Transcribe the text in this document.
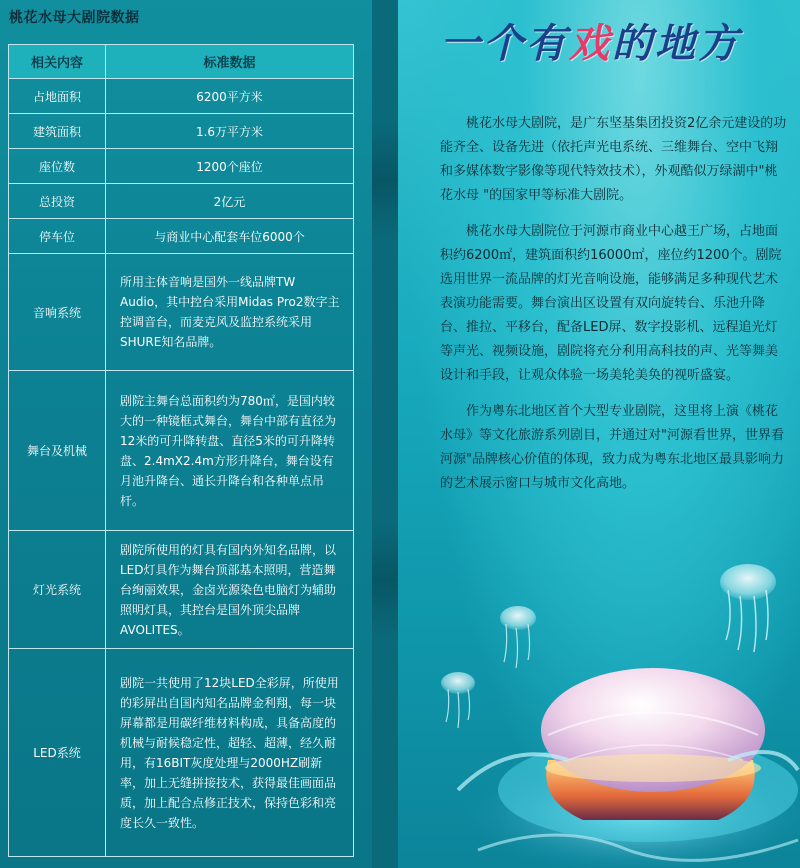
桃花水母大剧院数据
相关内容	标准数据
占地面积	6200平方米
建筑面积	1.6万平方米
座位数	1200个座位
总投资	2亿元
停车位	与商业中心配套车位6000个
音响系统	所用主体音响是国外一线品牌TW Audio，其中控台采用Midas Pro2数字主控调音台，而麦克风及监控系统采用SHURE知名品牌。
舞台及机械	剧院主舞台总面积约为780㎡，是国内较大的一种镜框式舞台，舞台中部有直径为12米的可升降转盘、直径5米的可升降转盘、2.4mX2.4m方形升降台，舞台设有月池升降台、通长升降台和各种单点吊杆。
灯光系统	剧院所使用的灯具有国内外知名品牌，以LED灯具作为舞台顶部基本照明，营造舞台绚丽效果，金卤光源染色电脑灯为辅助照明灯具，其控台是国外顶尖品牌AVOLITES。
LED系统	剧院一共使用了12块LED全彩屏，所使用的彩屏出自国内知名品牌金利翔，每一块屏幕都是用碳纤维材料构成，具备高度的机械与耐候稳定性，超轻、超薄，经久耐用，有16BIT灰度处理与2000HZ刷新率，加上无缝拼接技术，获得最佳画面品质，加上配合点修正技术，保持色彩和亮度长久一致性。
一个有戏的地方

桃花水母大剧院，是广东坚基集团投资2亿余元建设的功能齐全、设备先进（依托声光电系统、三维舞台、空中飞翔和多媒体数字影像等现代特效技术），外观酷似万绿湖中"桃花水母 "的国家甲等标准大剧院。

桃花水母大剧院位于河源市商业中心越王广场，占地面积约6200㎡，建筑面积约16000㎡，座位约1200个。剧院选用世界一流品牌的灯光音响设施，能够满足多种现代艺术表演功能需要。舞台演出区设置有双向旋转台、乐池升降台、推拉、平移台，配备LED屏、数字投影机、远程追光灯等声光、视频设施，剧院将充分利用高科技的声、光等舞美设计和手段，让观众体验一场美轮美奂的视听盛宴。

作为粤东北地区首个大型专业剧院，这里将上演《桃花水母》等文化旅游系列剧目，并通过对"河源看世界，世界看河源"品牌核心价值的体现，致力成为粤东北地区最具影响力的艺术展示窗口与城市文化高地。
